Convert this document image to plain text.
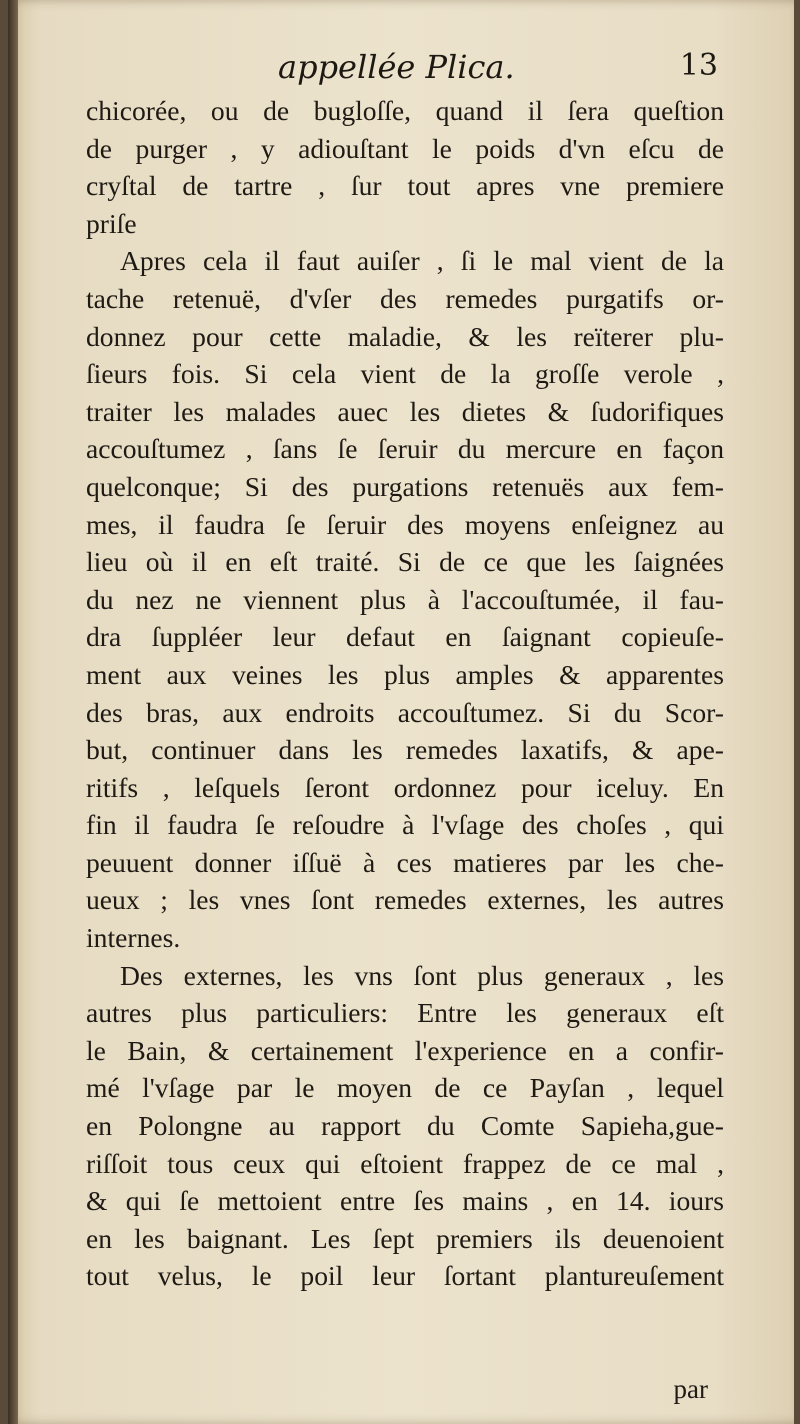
appellée Plica.	13
chicorée, ou de bugloſſe, quand il ſera queſtion
de purger , y adiouſtant le poids d'vn eſcu de
cryſtal de tartre , ſur tout apres vne premiere
priſe
Apres cela il faut auiſer , ſi le mal vient de la
tache retenuë, d'vſer des remedes purgatifs or-
donnez pour cette maladie, & les reïterer plu-
ſieurs fois. Si cela vient de la groſſe verole ,
traiter les malades auec les dietes & ſudorifiques
accouſtumez , ſans ſe ſeruir du mercure en façon
quelconque; Si des purgations retenuës aux fem-
mes, il faudra ſe ſeruir des moyens enſeignez au
lieu où il en eſt traité. Si de ce que les ſaignées
du nez ne viennent plus à l'accouſtumée, il fau-
dra ſuppléer leur defaut en ſaignant copieuſe-
ment aux veines les plus amples & apparentes
des bras, aux endroits accouſtumez. Si du Scor-
but, continuer dans les remedes laxatifs, & ape-
ritifs , leſquels ſeront ordonnez pour iceluy. En
fin il faudra ſe reſoudre à l'vſage des choſes , qui
peuuent donner iſſuë à ces matieres par les che-
ueux ; les vnes ſont remedes externes, les autres
internes.
Des externes, les vns ſont plus generaux , les
autres plus particuliers: Entre les generaux eſt
le Bain, & certainement l'experience en a confir-
mé l'vſage par le moyen de ce Payſan , lequel
en Polongne au rapport du Comte Sapieha,gue-
riſſoit tous ceux qui eſtoient frappez de ce mal ,
& qui ſe mettoient entre ſes mains , en 14. iours
en les baignant. Les ſept premiers ils deuenoient
tout velus, le poil leur ſortant plantureuſement
par
